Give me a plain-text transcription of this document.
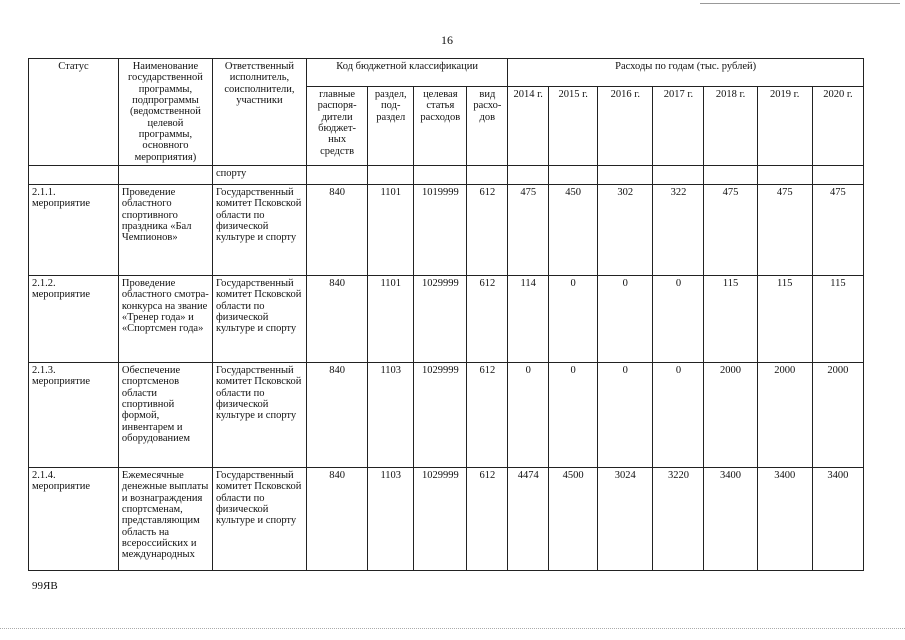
16
Статус	Наименование государственной программы, подпрограммы (ведомственной целевой программы, основного мероприятия)	Ответственный исполнитель, соисполнители, участники	Код бюджетной классификации				Расходы по годам (тыс. рублей)						
			главные распоря-дители бюджет-ных средств	раздел, под-раздел	целевая статья расходов	вид расхо-дов	2014 г.	2015 г.	2016 г.	2017 г.	2018 г.	2019 г.	2020 г.
		спорту											
2.1.1. мероприятие	Проведение областного спортивного праздника «Бал Чемпионов»	Государственный комитет Псковской области по физической культуре и спорту	840	1101	1019999	612	475	450	302	322	475	475	475
2.1.2. мероприятие	Проведение областного смотра-конкурса на звание «Тренер года» и «Спортсмен года»	Государственный комитет Псковской области по физической культуре и спорту	840	1101	1029999	612	114	0	0	0	115	115	115
2.1.3. мероприятие	Обеспечение спортсменов области спортивной формой, инвентарем и оборудованием	Государственный комитет Псковской области по физической культуре и спорту	840	1103	1029999	612	0	0	0	0	2000	2000	2000
2.1.4. мероприятие	Ежемесячные денежные выплаты и вознаграждения спортсменам, представляющим область на всероссийских и международных	Государственный комитет Псковской области по физической культуре и спорту	840	1103	1029999	612	4474	4500	3024	3220	3400	3400	3400
99ЯВ
